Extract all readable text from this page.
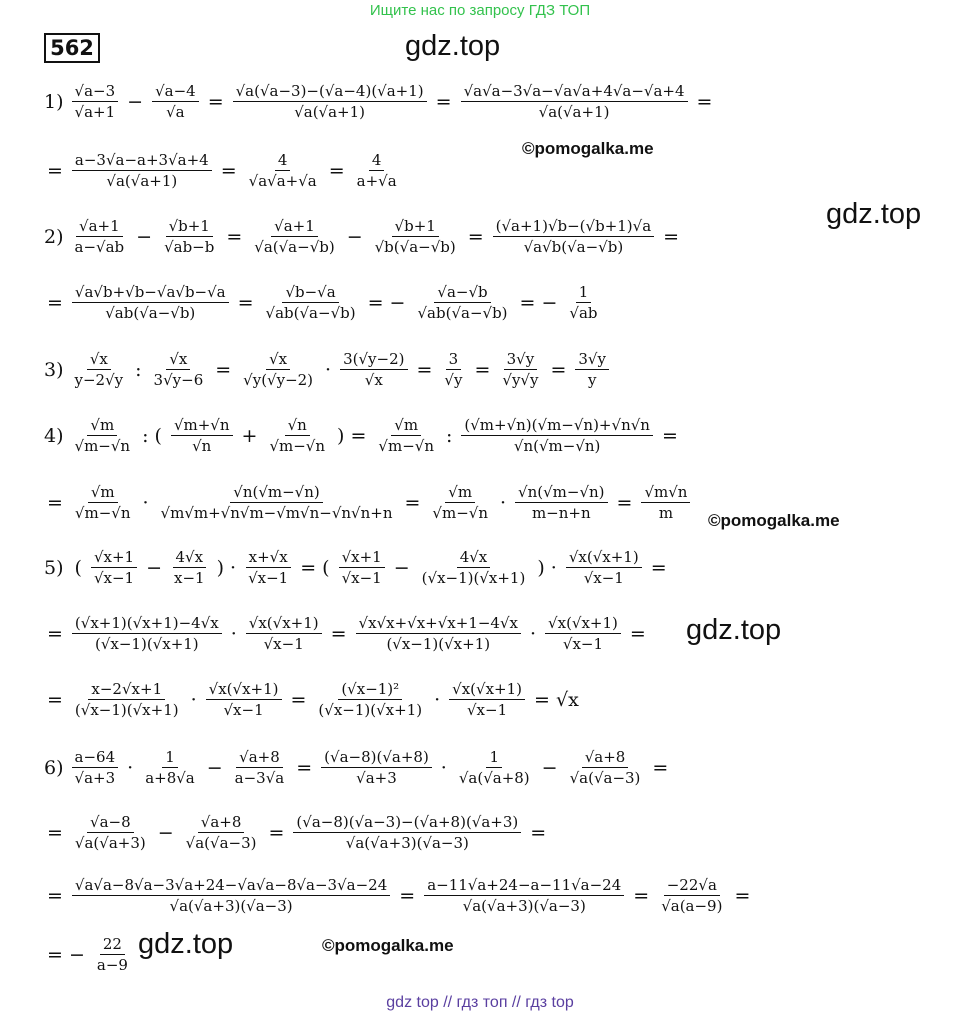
Ищите нас по запросу ГДЗ ТОП
562	gdz.top
gdz.top
gdz.top
gdz.top
©pomogalka.me
©pomogalka.me
©pomogalka.me
$1) \frac{√a-3}{√a+1} - \frac{√a-4}{√a} = \frac{√a(√a-3)-(√a-4)(√a+1)}{√a(√a+1)} = \frac{√a√a-3√a-√a√a+4√a-√a+4}{√a(√a+1)}$ =
= $\frac{a-3√a-a+3√a+4}{√a(√a+1)} = \frac{4}{√a√a+√a} = \frac{4}{a+√a}$
$2) \frac{√a+1}{a-√ab} - \frac{√b+1}{√ab-b} = \frac{√a+1}{√a(√a-√b)} - \frac{√b+1}{√b(√a-√b)} = \frac{(√a+1)√b-(√b+1)√a}{√a√b(√a-√b)}$ =
= $\frac{√a√b+√b-√a√b-√a}{√ab(√a-√b)} = \frac{√b-√a}{√ab(√a-√b)}$ = − $\frac{√a-√b}{√ab(√a-√b)}$ = − $\frac{1}{√ab}$
$3) \frac{√x}{y-2√y}$ : $\frac{√x}{3√y-6} = \frac{√x}{√y(√y-2)} \cdot \frac{3(√y-2)}{√x} = \frac{3}{√y} = \frac{3√y}{√y√y} = \frac{3√y}{y}$
$4) \frac{√m}{√m-√n}$ : ( $\frac{√m+√n}{√n} + \frac{√n}{√m-√n}$ ) = $\frac{√m}{√m-√n}$ : $\frac{(√m+√n)(√m-√n)+√n√n}{√n(√m-√n)}$ =
= $\frac{√m}{√m-√n} \cdot \frac{√n(√m-√n)}{√m√m+√n√m-√m√n-√n√n+n} = \frac{√m}{√m-√n} \cdot \frac{√n(√m-√n)}{m-n+n} = \frac{√m√n}{m}$
5) ( $\frac{√x+1}{√x-1} - \frac{4√x}{x-1}$ ) · $\frac{x+√x}{√x-1}$ = ( $\frac{√x+1}{√x-1} - \frac{4√x}{(√x-1)(√x+1)}$ ) · $\frac{√x(√x+1)}{√x-1}$ =
= $\frac{(√x+1)(√x+1)-4√x}{(√x-1)(√x+1)} \cdot \frac{√x(√x+1)}{√x-1} = \frac{√x√x+√x+√x+1-4√x}{(√x-1)(√x+1)} \cdot \frac{√x(√x+1)}{√x-1}$ =
= $\frac{x-2√x+1}{(√x-1)(√x+1)} \cdot \frac{√x(√x+1)}{√x-1} = \frac{\text{(√x−1)²}}{(√x-1)(√x+1)} \cdot \frac{√x(√x+1)}{√x-1} = √x$
$6) \frac{a-64}{√a+3} \cdot \frac{1}{a+8√a} - \frac{√a+8}{a-3√a} = \frac{(√a-8)(√a+8)}{√a+3} \cdot \frac{1}{√a(√a+8)} - \frac{√a+8}{√a(√a-3)}$ =
= $\frac{√a-8}{√a(√a+3)} - \frac{√a+8}{√a(√a-3)} = \frac{(√a-8)(√a-3)-(√a+8)(√a+3)}{√a(√a+3)(√a-3)}$ =
= $\frac{√a√a-8√a-3√a+24-√a√a-8√a-3√a-24}{√a(√a+3)(√a-3)} = \frac{a-11√a+24-a-11√a-24}{√a(√a+3)(√a-3)} = \frac{-22√a}{√a(a-9)}$ =
= − $\frac{22}{a-9}$
gdz top // гдз топ // гдз top
